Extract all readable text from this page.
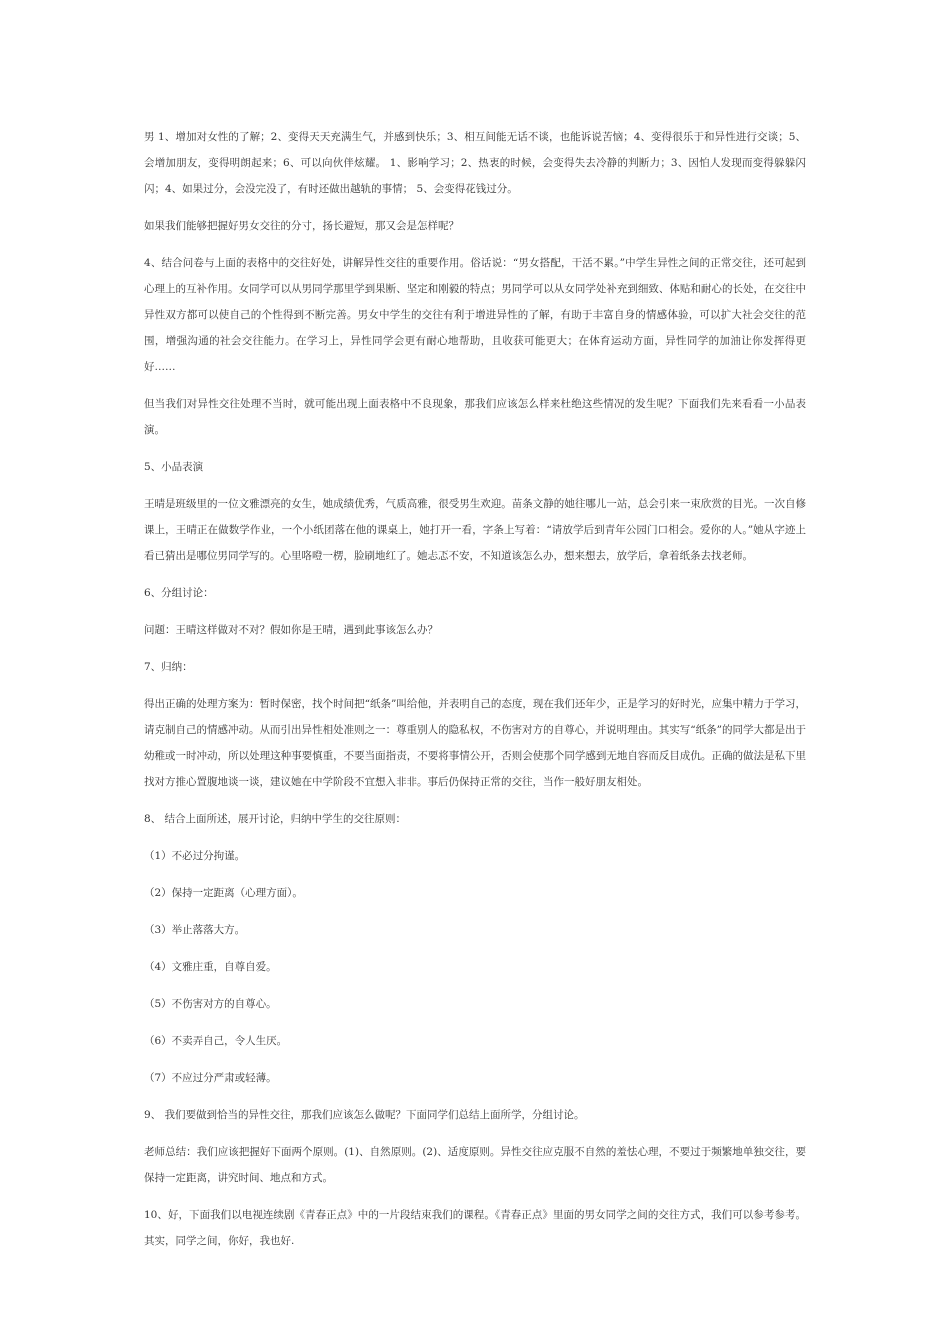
男 1、增加对女性的了解；2、变得天天充满生气，并感到快乐；3、相互间能无话不谈，也能诉说苦恼；4、变得很乐于和异性进行交谈；5、会增加朋友，变得明朗起来；6、可以向伙伴炫耀。 1、影响学习；2、热衷的时候，会变得失去冷静的判断力；3、因怕人发现而变得躲躲闪闪；4、如果过分，会没完没了，有时还做出越轨的事情； 5、会变得花钱过分。

如果我们能够把握好男女交往的分寸，扬长避短，那又会是怎样呢？

4、结合问卷与上面的表格中的交往好处，讲解异性交往的重要作用。俗话说：“男女搭配，干活不累。”中学生异性之间的正常交往，还可起到心理上的互补作用。女同学可以从男同学那里学到果断、坚定和刚毅的特点；男同学可以从女同学处补充到细致、体贴和耐心的长处，在交往中异性双方都可以使自己的个性得到不断完善。男女中学生的交往有利于增进异性的了解，有助于丰富自身的情感体验，可以扩大社会交往的范围，增强沟通的社会交往能力。在学习上，异性同学会更有耐心地帮助，且收获可能更大；在体育运动方面，异性同学的加油让你发挥得更好……

但当我们对异性交往处理不当时，就可能出现上面表格中不良现象，那我们应该怎么样来杜绝这些情况的发生呢？下面我们先来看看一小品表演。

5、小品表演

王晴是班级里的一位文雅漂亮的女生，她成绩优秀，气质高雅，很受男生欢迎。苗条文静的她往哪儿一站，总会引来一束欣赏的目光。一次自修课上，王晴正在做数学作业，一个小纸团落在他的课桌上，她打开一看，字条上写着：“请放学后到青年公园门口相会。爱你的人。”她从字迹上看已猜出是哪位男同学写的。心里咯噔一楞，脸刷地红了。她忐忑不安，不知道该怎么办，想来想去，放学后，拿着纸条去找老师。

6、分组讨论：

问题：王晴这样做对不对？假如你是王晴，遇到此事该怎么办？

7、归纳：

得出正确的处理方案为：暂时保密，找个时间把“纸条”叫给他，并表明自己的态度，现在我们还年少，正是学习的好时光，应集中精力于学习，请克制自己的情感冲动。从而引出异性相处准则之一：尊重别人的隐私权，不伤害对方的自尊心，并说明理由。其实写“纸条”的同学大都是出于幼稚或一时冲动，所以处理这种事要慎重，不要当面指责，不要将事情公开，否则会使那个同学感到无地自容而反目成仇。正确的做法是私下里找对方推心置腹地谈一谈，建议她在中学阶段不宜想入非非。事后仍保持正常的交往，当作一般好朋友相处。

8、 结合上面所述，展开讨论，归纳中学生的交往原则：

（1）不必过分拘谨。

（2）保持一定距离（心理方面）。

（3）举止落落大方。

（4）文雅庄重，自尊自爱。

（5）不伤害对方的自尊心。

（6）不卖弄自己，令人生厌。

（7）不应过分严肃或轻薄。

9、 我们要做到恰当的异性交往，那我们应该怎么做呢？下面同学们总结上面所学，分组讨论。

老师总结：我们应该把握好下面两个原则。(1)、自然原则。(2)、适度原则。异性交往应克服不自然的羞怯心理，不要过于频繁地单独交往，要保持一定距离，讲究时间、地点和方式。

10、好，下面我们以电视连续剧《青春正点》中的一片段结束我们的课程。《青春正点》里面的男女同学之间的交往方式，我们可以参考参考。其实，同学之间，你好，我也好.
